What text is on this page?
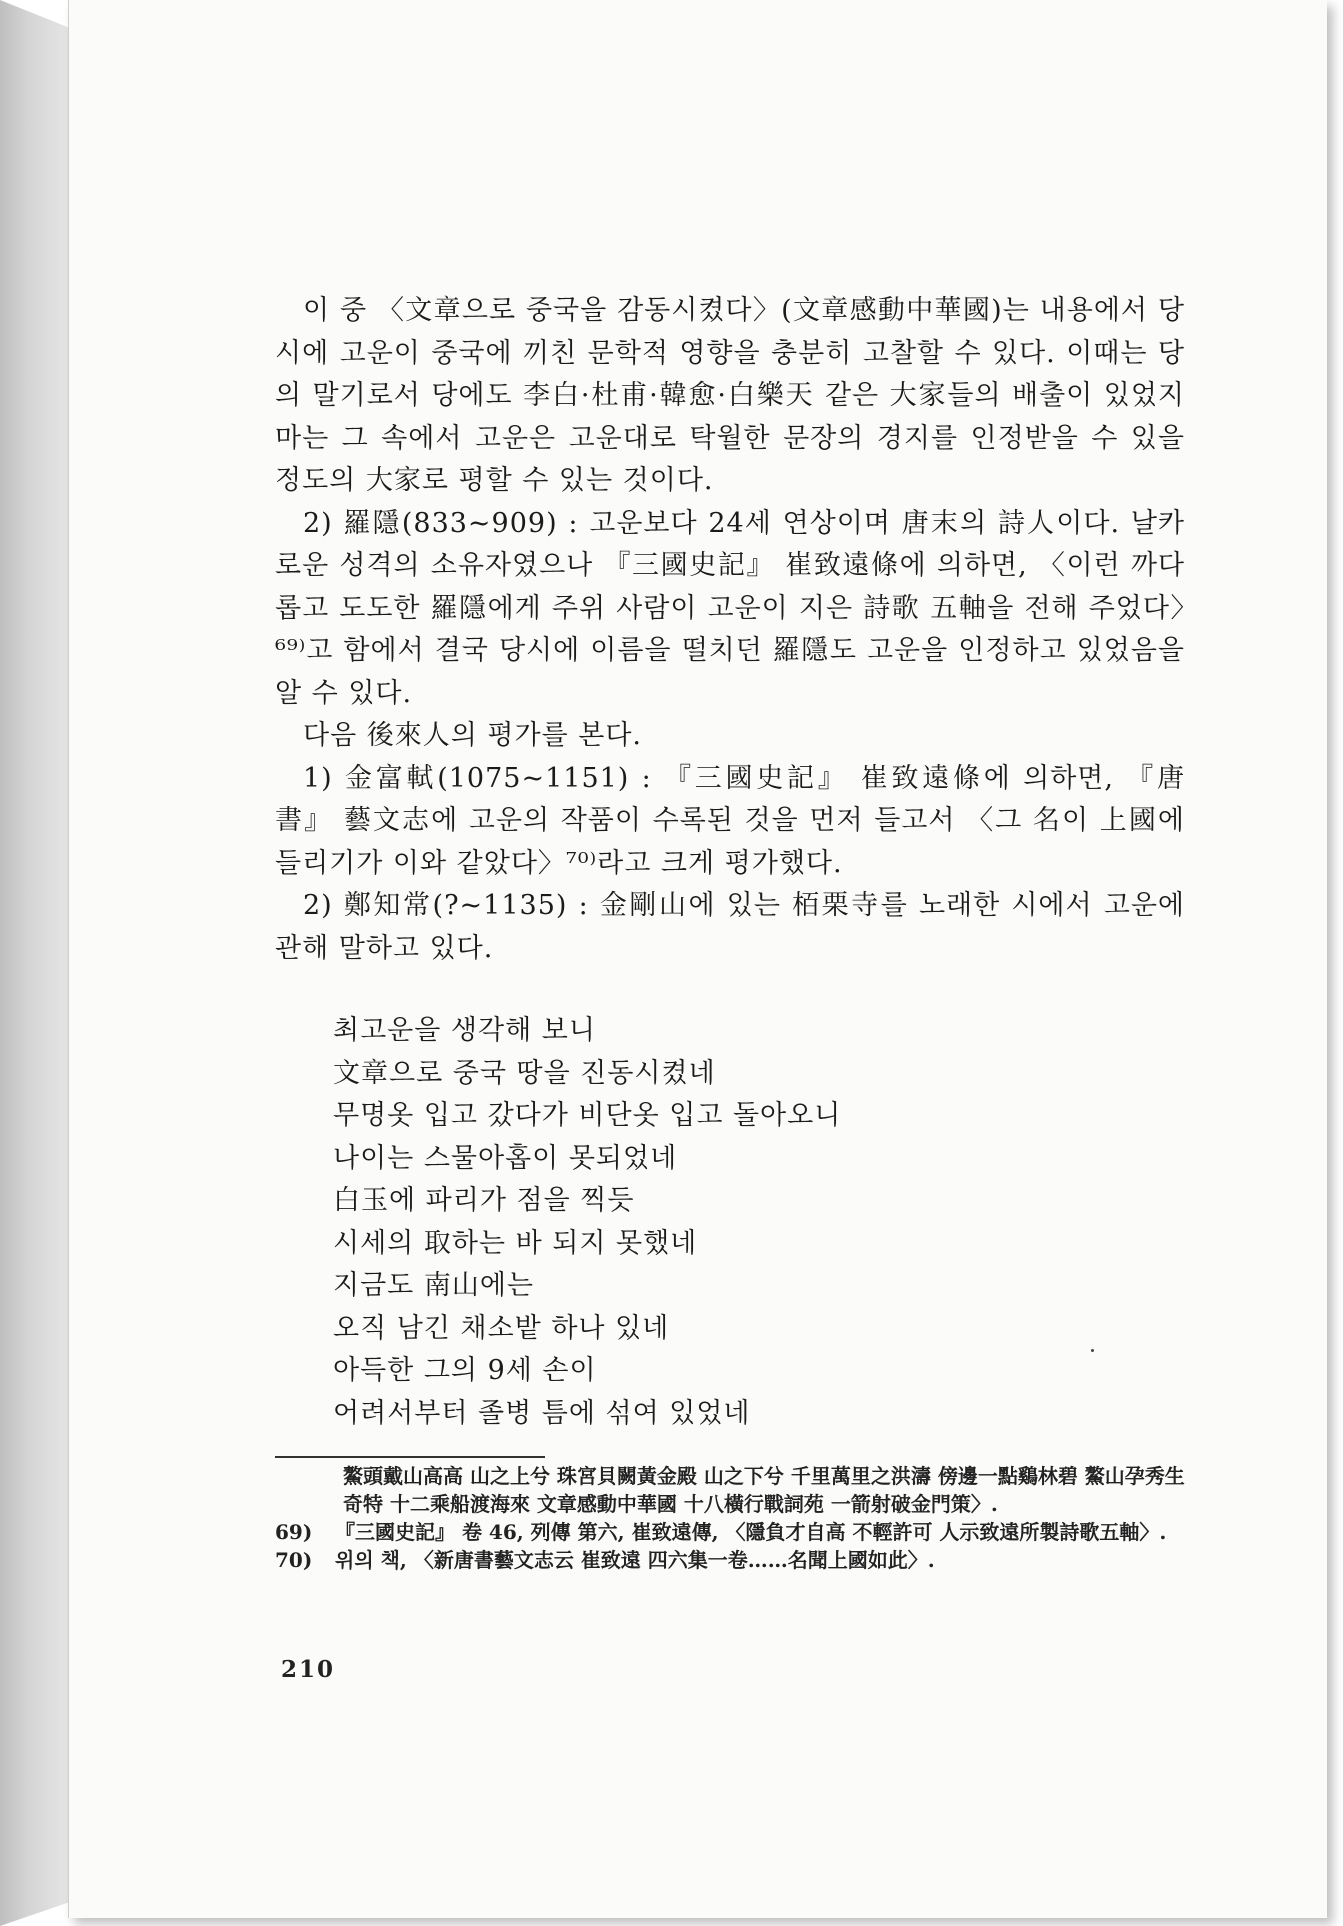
이 중 〈文章으로 중국을 감동시켰다〉(文章感動中華國)는 내용에서 당시에 고운이 중국에 끼친 문학적 영향을 충분히 고찰할 수 있다. 이때는 당의 말기로서 당에도 李白·杜甫·韓愈·白樂天 같은 大家들의 배출이 있었지마는 그 속에서 고운은 고운대로 탁월한 문장의 경지를 인정받을 수 있을 정도의 大家로 평할 수 있는 것이다.

2) 羅隱(833~909) : 고운보다 24세 연상이며 唐末의 詩人이다. 날카로운 성격의 소유자였으나 『三國史記』 崔致遠條에 의하면, 〈이런 까다롭고 도도한 羅隱에게 주위 사람이 고운이 지은 詩歌 五軸을 전해 주었다〉⁶⁹⁾고 함에서 결국 당시에 이름을 떨치던 羅隱도 고운을 인정하고 있었음을 알 수 있다.

다음 後來人의 평가를 본다.

1) 金富軾(1075~1151) : 『三國史記』 崔致遠條에 의하면, 『唐書』 藝文志에 고운의 작품이 수록된 것을 먼저 들고서 〈그 名이 上國에 들리기가 이와 같았다〉⁷⁰⁾라고 크게 평가했다.

2) 鄭知常(?~1135) : 金剛山에 있는 栢栗寺를 노래한 시에서 고운에 관해 말하고 있다.

최고운을 생각해 보니
文章으로 중국 땅을 진동시켰네
무명옷 입고 갔다가 비단옷 입고 돌아오니
나이는 스물아홉이 못되었네
白玉에 파리가 점을 찍듯
시세의 取하는 바 되지 못했네
지금도 南山에는
오직 남긴 채소밭 하나 있네
아득한 그의 9세 손이
어려서부터 졸병 틈에 섞여 있었네
鰲頭戴山高高 山之上兮 珠宮貝闕黃金殿 山之下兮 千里萬里之洪濤 傍邊一點鷄林碧 鰲山孕秀生奇特 十二乘船渡海來 文章感動中華國 十八橫行戰詞苑 一箭射破金門策〉.
69)	『三國史記』 卷 46, 列傳 第六, 崔致遠傳, 〈隱負才自高 不輕許可 人示致遠所製詩歌五軸〉.
70)	위의 책, 〈新唐書藝文志云 崔致遠 四六集一卷……名聞上國如此〉.
210
